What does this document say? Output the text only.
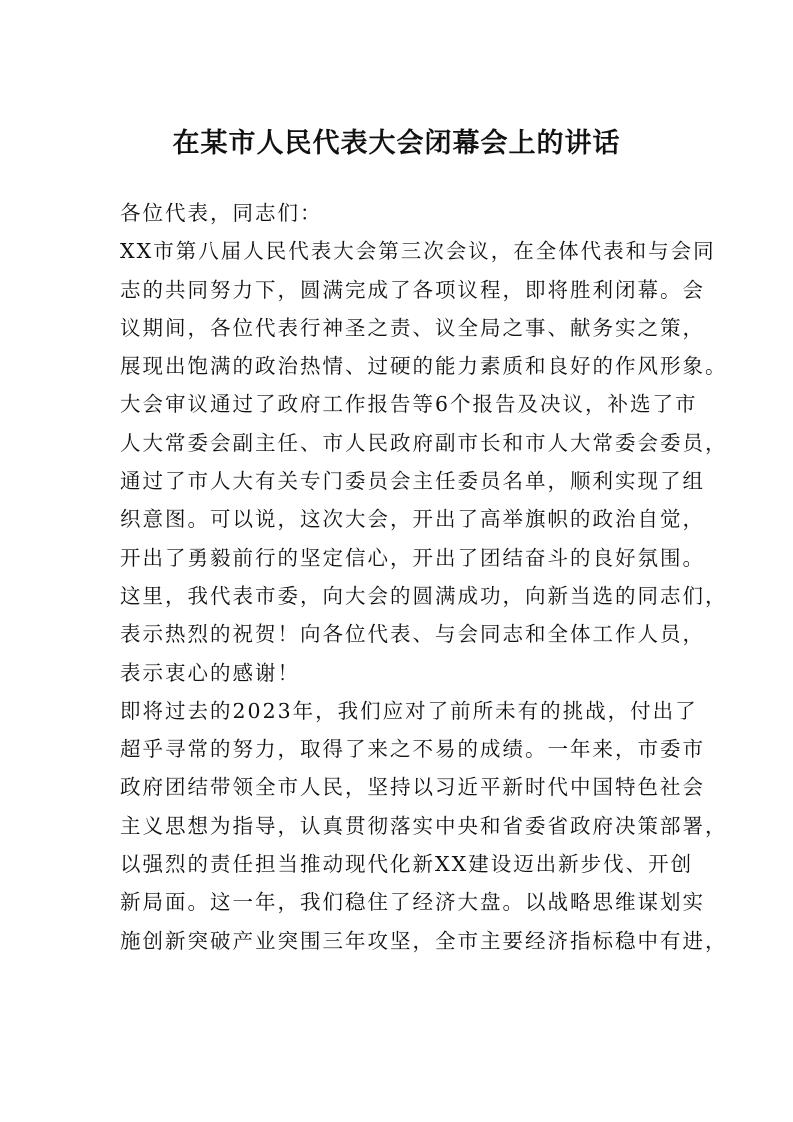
在某市人民代表大会闭幕会上的讲话
各位代表，同志们：
XX市第八届人民代表大会第三次会议，在全体代表和与会同
志的共同努力下，圆满完成了各项议程，即将胜利闭幕。会
议期间，各位代表行神圣之责、议全局之事、献务实之策，
展现出饱满的政治热情、过硬的能力素质和良好的作风形象。
大会审议通过了政府工作报告等6个报告及决议，补选了市
人大常委会副主任、市人民政府副市长和市人大常委会委员，
通过了市人大有关专门委员会主任委员名单，顺利实现了组
织意图。可以说，这次大会，开出了高举旗帜的政治自觉，
开出了勇毅前行的坚定信心，开出了团结奋斗的良好氛围。
这里，我代表市委，向大会的圆满成功，向新当选的同志们，
表示热烈的祝贺！向各位代表、与会同志和全体工作人员，
表示衷心的感谢！
即将过去的2023年，我们应对了前所未有的挑战，付出了
超乎寻常的努力，取得了来之不易的成绩。一年来，市委市
政府团结带领全市人民，坚持以习近平新时代中国特色社会
主义思想为指导，认真贯彻落实中央和省委省政府决策部署，
以强烈的责任担当推动现代化新XX建设迈出新步伐、开创
新局面。这一年，我们稳住了经济大盘。以战略思维谋划实
施创新突破产业突围三年攻坚，全市主要经济指标稳中有进，
